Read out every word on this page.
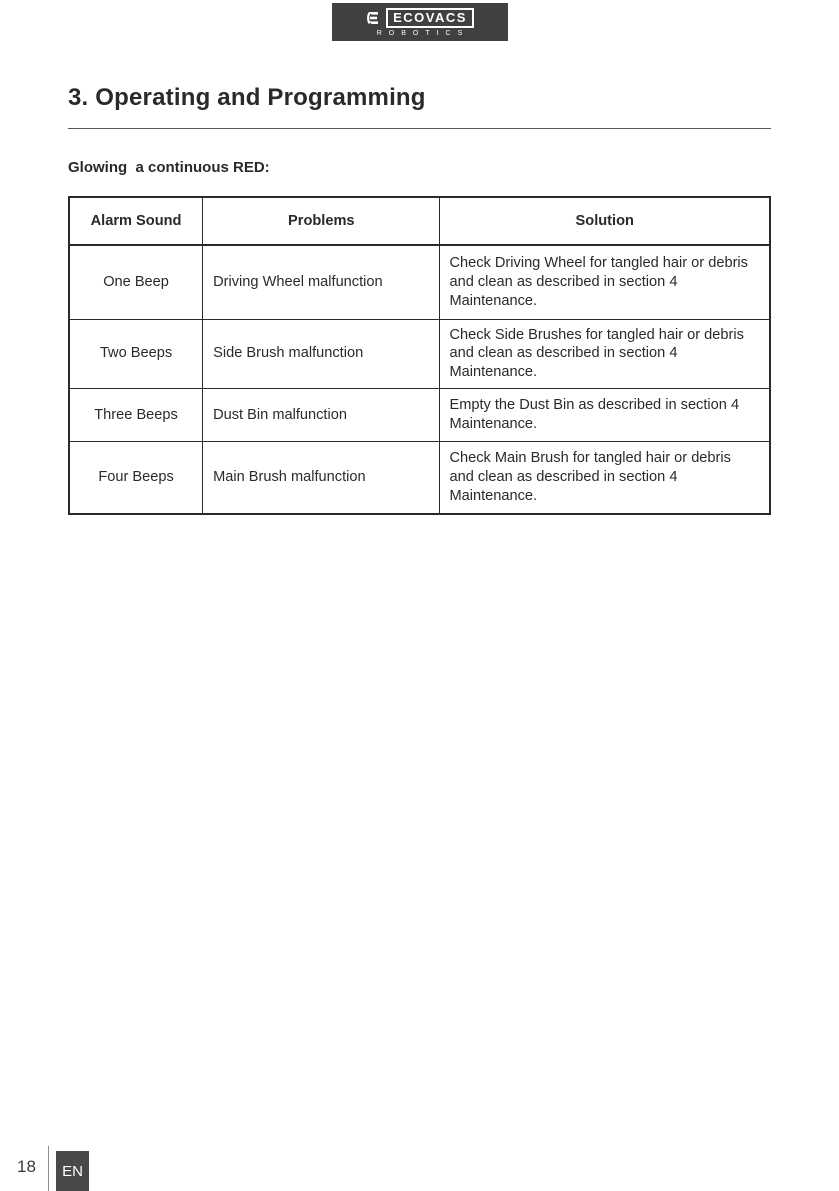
ECOVACS
ROBOTICS
3. Operating and Programming

Glowing  a continuous RED:

Alarm Sound	Problems	Solution
One Beep	Driving Wheel malfunction	Check Driving Wheel for tangled hair or debris and clean as described in section 4 Maintenance.
Two Beeps	Side Brush malfunction	Check Side Brushes for tangled hair or debris and clean as described in section 4 Maintenance.
Three Beeps	Dust Bin malfunction	Empty the Dust Bin as described in section 4 Maintenance.
Four Beeps	Main Brush malfunction	Check Main Brush for tangled hair or debris and clean as described in section 4 Maintenance.
18	EN
